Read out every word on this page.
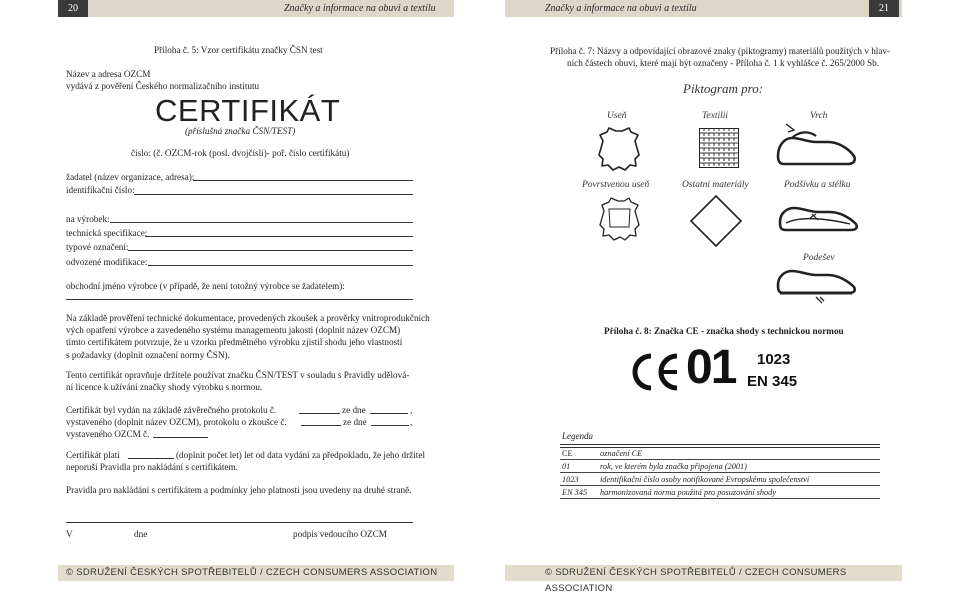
20	Značky a informace na obuvi a textilu	Značky a informace na obuvi a textilu	21
Příloha č. 5: Vzor certifikátu značky ČSN test
Název a adresa OZCM
vydává z pověření Českého normalizačního institutu
CERTIFIKÁT
(příslušná značka ČSN/TEST)
číslo: (č. OZCM-rok (posl. dvojčíslí)- poř. číslo certifikátu)
žadatel (název organizace, adresa):
identifikační číslo:
na výrobek:
technická specifikace:
typové označení:
odvozené modifikace:
obchodní jméno výrobce (v případě, že není totožný výrobce se žadatelem):
Na základě prověření technické dokumentace, provedených zkoušek a prověrky vnitroprodukčních
vých opatření výrobce a zavedeného systému managementu jakosti (doplnit název OZCM)
tímto certifikátem potvrzuje, že u vzorku předmětného výrobku zjistil shodu jeho vlastností
s požadavky (doplnit označení normy ČSN).
Tento certifikát opravňuje držitele používat značku ČSN/TEST v souladu s Pravidly udělová-
ní licence k užívání značky shody výrobku s normou.
Certifikát byl vydán na základě závěrečného protokolu č.	ze dne	,
vystaveného (doplnit název OZCM), protokolu o zkoušce č.	ze dne	,
vystaveného OZCM č.
Certifikát platí	(doplnit počet let) let od data vydání za předpokladu, že jeho držitel
neporuší Pravidla pro nakládání s certifikátem.
Pravidla pro nakládání s certifikátem a podmínky jeho platnosti jsou uvedeny na druhé straně.
V	dne	podpis vedoucího OZCM
Příloha č. 7: Názvy a odpovídající obrazové znaky (piktogramy) materiálů použitých v hlav-
ních částech obuvi, které mají být označeny - Příloha č. 1 k vyhlášce č. 265/2000 Sb.
Piktogram pro:
Useň	Textilii	Vrch
Povrstvenou useň	Ostatní materiály	Podšívku a stélku
Podešev
Příloha č. 8: Značka CE - značka shody s technickou normou
01 1023
EN 345
Legenda
CE	označení CE
01	rok, ve kterém byla značka připojena (2001)
1023	identifikační číslo osoby notifikované Evropskému společenství
EN 345	harmonizovaná norma použitá pro posuzování shody
© SDRUŽENÍ ČESKÝCH SPOTŘEBITELŮ / CZECH CONSUMERS ASSOCIATION	© SDRUŽENÍ ČESKÝCH SPOTŘEBITELŮ / CZECH CONSUMERS ASSOCIATION
